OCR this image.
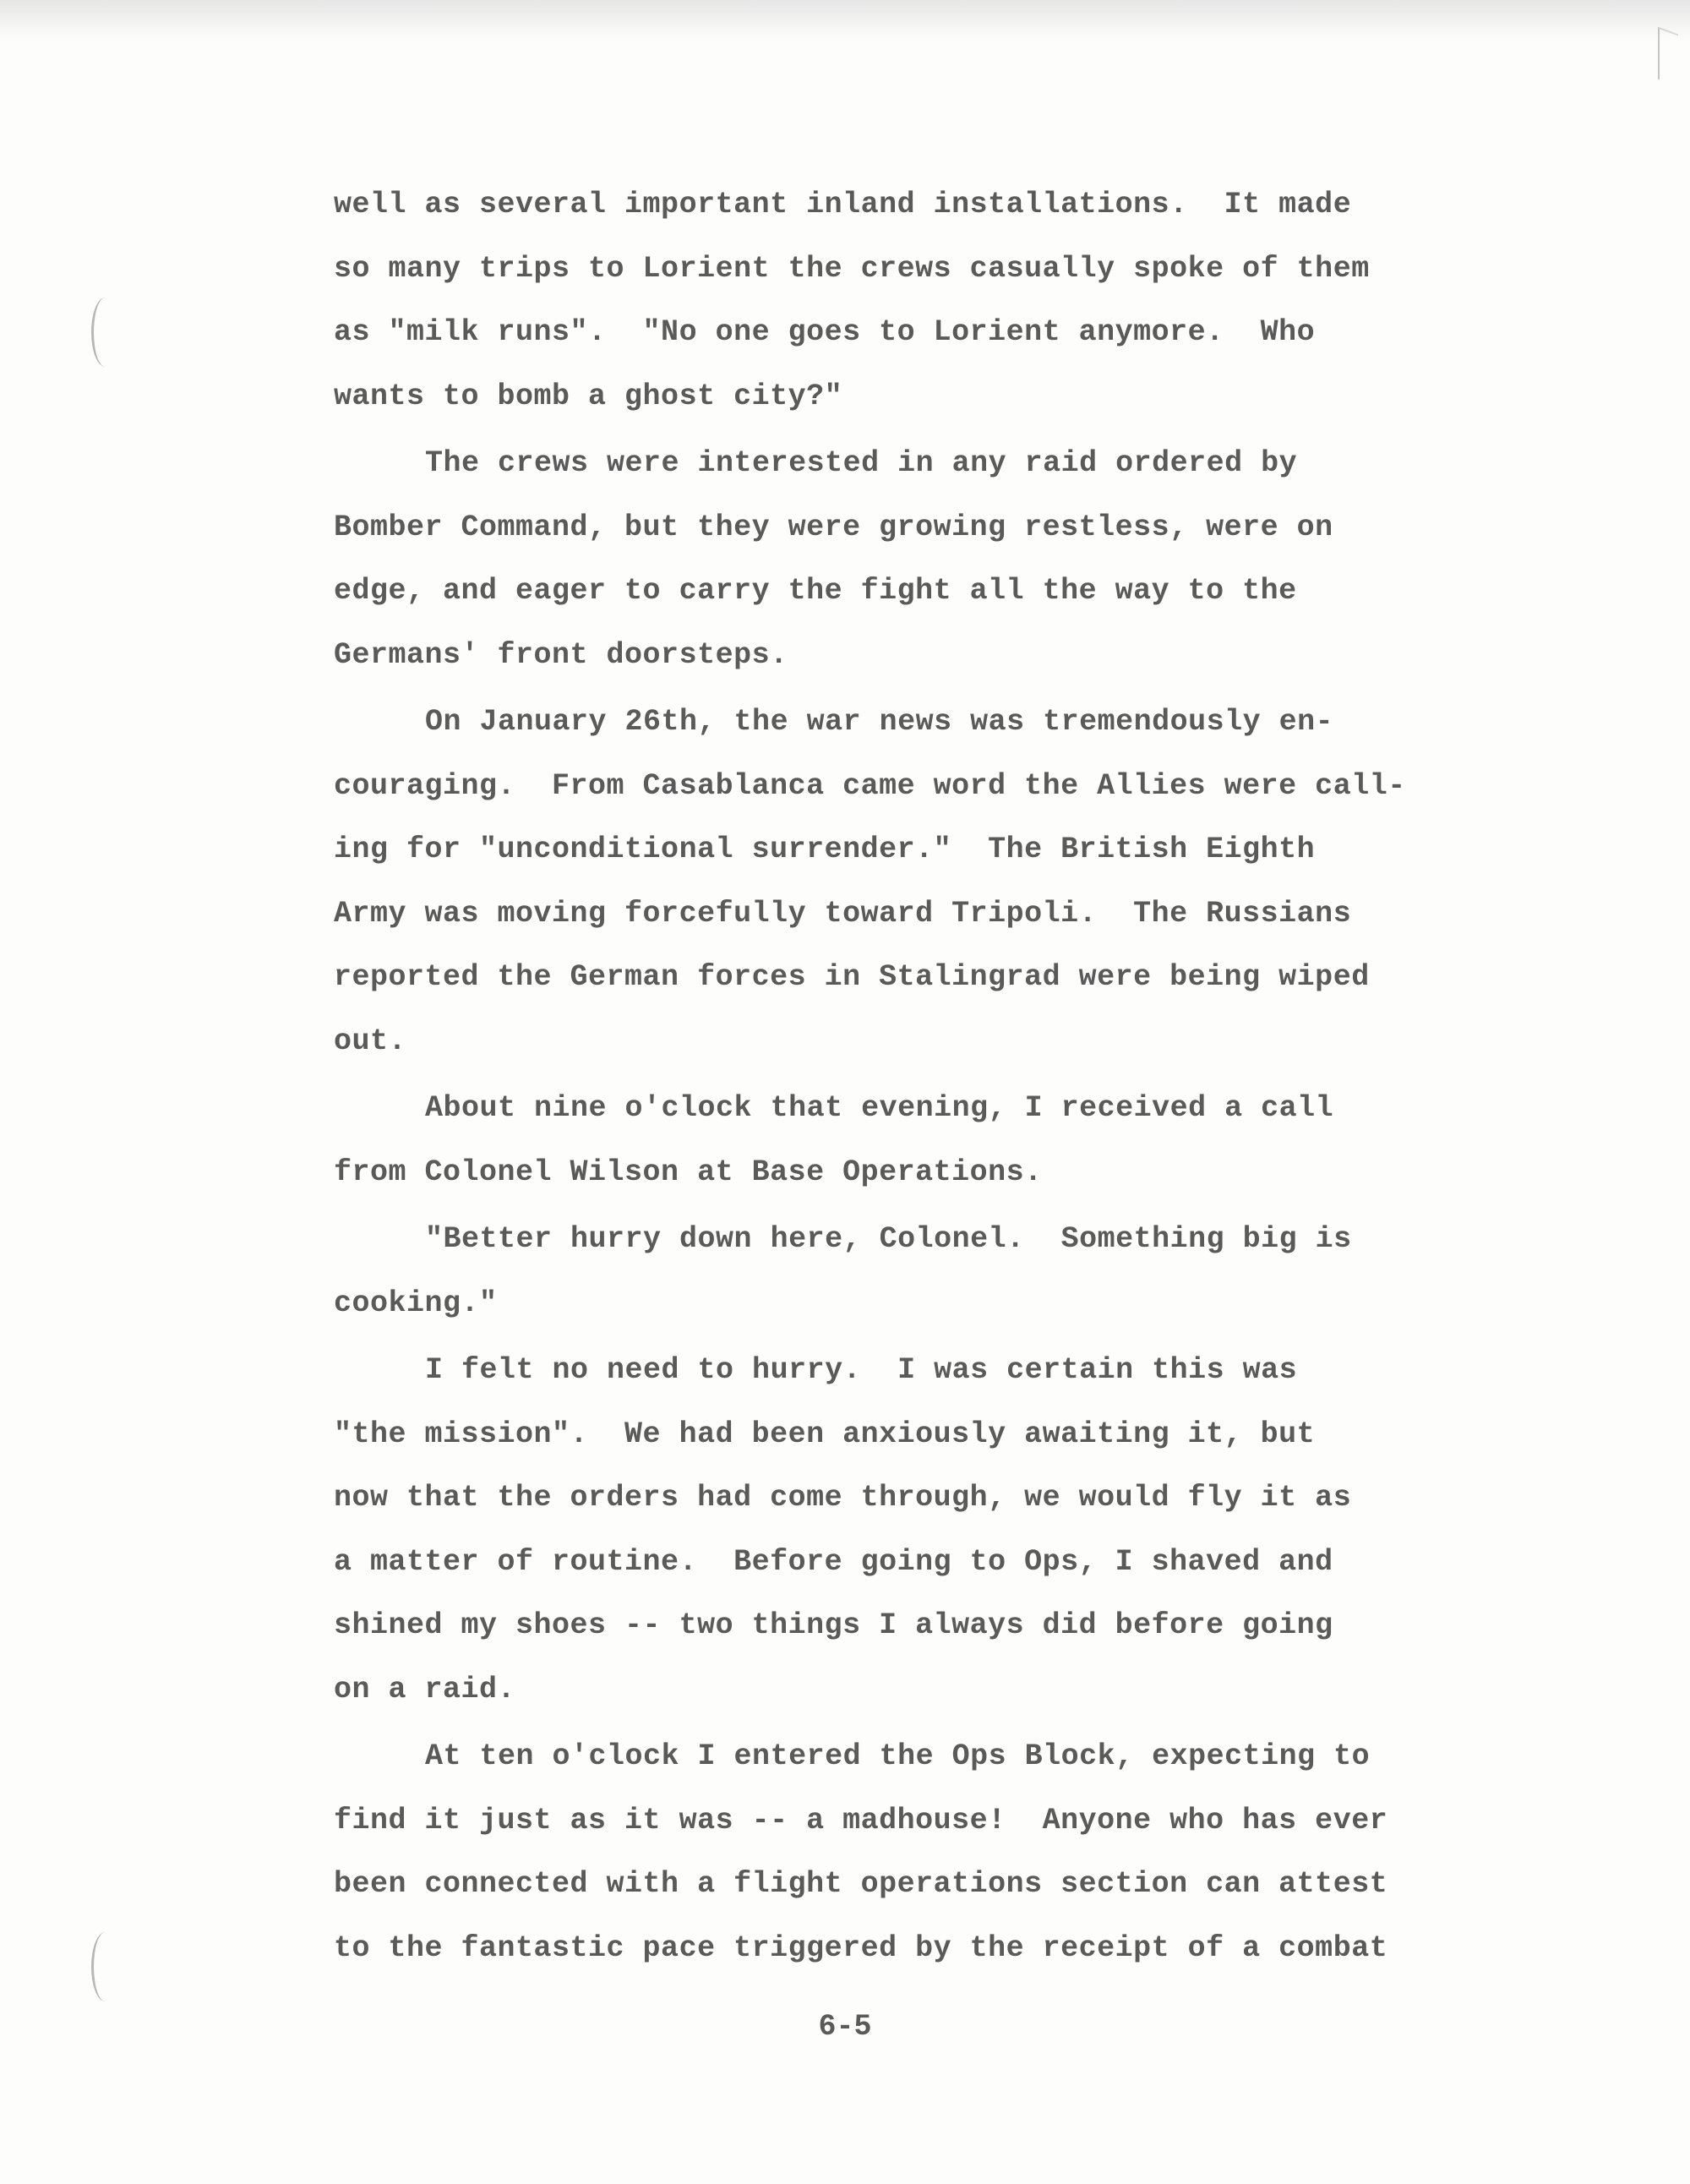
well as several important inland installations.  It made
so many trips to Lorient the crews casually spoke of them
as "milk runs".  "No one goes to Lorient anymore.  Who
wants to bomb a ghost city?"
The crews were interested in any raid ordered by
Bomber Command, but they were growing restless, were on
edge, and eager to carry the fight all the way to the
Germans' front doorsteps.
On January 26th, the war news was tremendously en-
couraging.  From Casablanca came word the Allies were call-
ing for "unconditional surrender."  The British Eighth
Army was moving forcefully toward Tripoli.  The Russians
reported the German forces in Stalingrad were being wiped
out.
About nine o'clock that evening, I received a call
from Colonel Wilson at Base Operations.
"Better hurry down here, Colonel.  Something big is
cooking."
I felt no need to hurry.  I was certain this was
"the mission".  We had been anxiously awaiting it, but
now that the orders had come through, we would fly it as
a matter of routine.  Before going to Ops, I shaved and
shined my shoes -- two things I always did before going
on a raid.
At ten o'clock I entered the Ops Block, expecting to
find it just as it was -- a madhouse!  Anyone who has ever
been connected with a flight operations section can attest
to the fantastic pace triggered by the receipt of a combat
6-5
